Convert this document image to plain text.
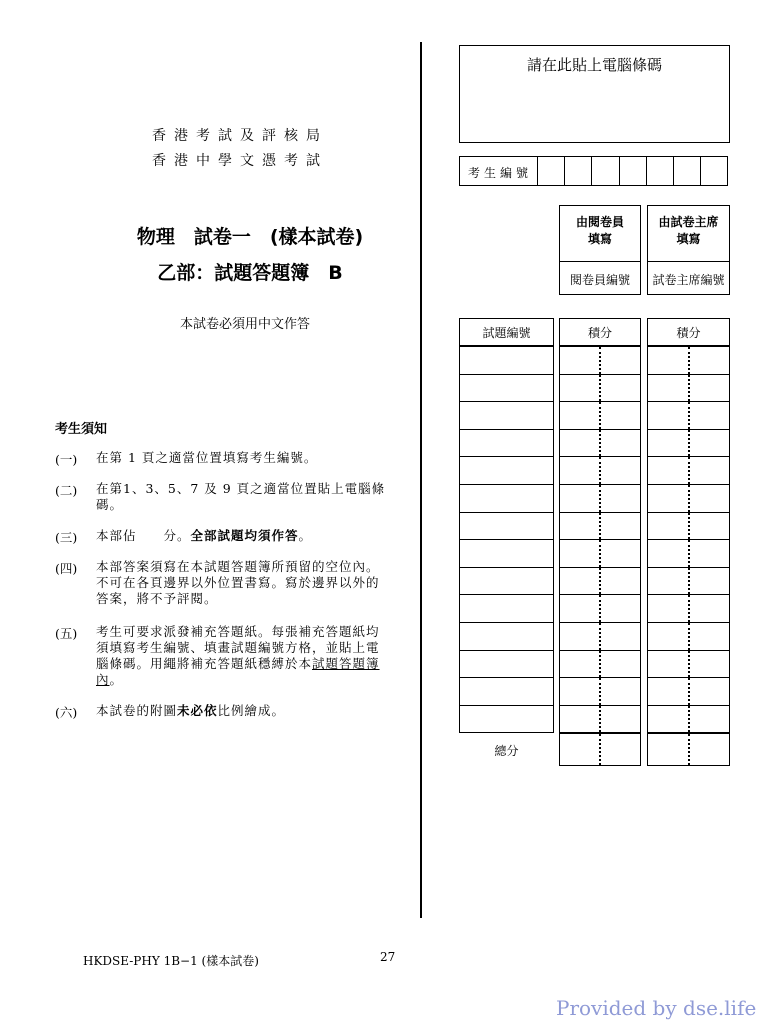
香港考試及評核局
香港中學文憑考試
物理　試卷一　(樣本試卷)
乙部：試題答題簿　B
本試卷必須用中文作答
考生須知
(一) 在第 1 頁之適當位置填寫考生編號。
(二) 在第1、3、5、7 及 9 頁之適當位置貼上電腦條碼。
(三) 本部佔　　分。全部試題均須作答。
(四) 本部答案須寫在本試題答題簿所預留的空位內。不可在各頁邊界以外位置書寫。寫於邊界以外的答案，將不予評閱。
(五) 考生可要求派發補充答題紙。每張補充答題紙均須填寫考生編號、填畫試題編號方格，並貼上電腦條碼。用繩將補充答題紙穩縛於本試題答題簿內。
(六) 本試卷的附圖未必依比例繪成。
請在此貼上電腦條碼
考生編號
由閱卷員填寫
由試卷主席填寫
閱卷員編號	試卷主席編號
試題編號	積分	積分
總分
HKDSE-PHY 1B−1 (樣本試卷)	27
Provided by dse.life
